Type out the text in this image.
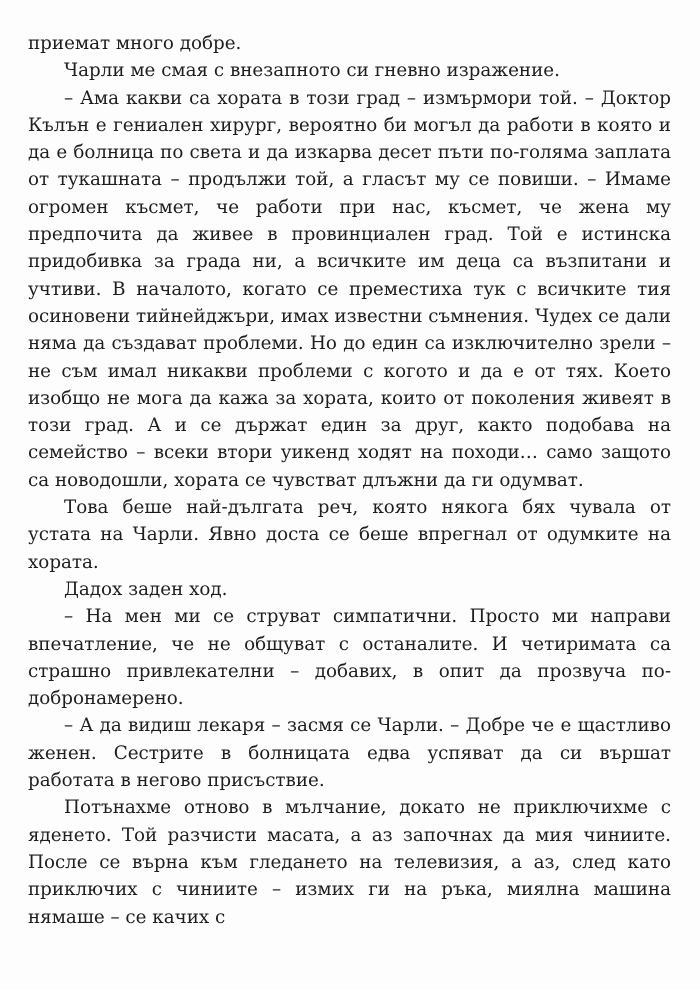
приемат много добре.

Чарли ме смая с внезапното си гневно изражение.

– Ама какви са хората в този град – измърмори той. – Доктор Кълън е гениален хирург, вероятно би могъл да работи в която и да е болница по света и да изкарва десет пъти по-голяма заплата от тукашната – продължи той, а гласът му се повиши. – Имаме огромен късмет, че работи при нас, късмет, че жена му предпочита да живее в провинциален град. Той е истинска придобивка за града ни, а всичките им деца са възпитани и учтиви. В началото, когато се преместиха тук с всичките тия осиновени тийнейджъри, имах известни съмнения. Чудех се дали няма да създават проблеми. Но до един са изключително зрели – не съм имал никакви проблеми с когото и да е от тях. Което изобщо не мога да кажа за хората, които от поколения живеят в този град. А и се държат един за друг, както подобава на семейство – всеки втори уикенд ходят на походи… само защото са новодошли, хората се чувстват длъжни да ги одумват.

Това беше най-дългата реч, която някога бях чувала от устата на Чарли. Явно доста се беше впрегнал от одумките на хората.

Дадох заден ход.

– На мен ми се струват симпатични. Просто ми направи впечатление, че не общуват с останалите. И четиримата са страшно привлекателни – добавих, в опит да прозвуча по-добронамерено.

– А да видиш лекаря – засмя се Чарли. – Добре че е щастливо женен. Сестрите в болницата едва успяват да си вършат работата в негово присъствие.

Потънахме отново в мълчание, докато не приключихме с яденето. Той разчисти масата, а аз започнах да мия чиниите. После се върна към гледането на телевизия, а аз, след като приключих с чиниите – измих ги на ръка, миялна машина нямаше – се качих с
